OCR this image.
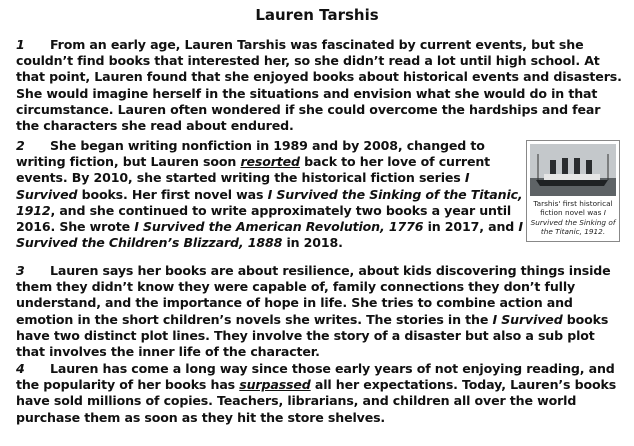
Lauren Tarshis
1 From an early age, Lauren Tarshis was fascinated by current events, but she couldn’t find books that interested her, so she didn’t read a lot until high school. At that point, Lauren found that she enjoyed books about historical events and disasters. She would imagine herself in the situations and envision what she would do in that circumstance. Lauren often wondered if she could overcome the hardships and fear the characters she read about endured.
2 She began writing nonfiction in 1989 and by 2008, changed to writing fiction, but Lauren soon resorted back to her love of current events. By 2010, she started writing the historical fiction series I Survived books. Her first novel was I Survived the Sinking of the Titanic, 1912, and she continued to write approximately two books a year until 2016. She wrote I Survived the American Revolution, 1776 in 2017, and I Survived the Children’s Blizzard, 1888 in 2018.
Tarshis' first historical fiction novel was I Survived the Sinking of the Titanic, 1912.
3 Lauren says her books are about resilience, about kids discovering things inside them they didn’t know they were capable of, family connections they don’t fully understand, and the importance of hope in life. She tries to combine action and emotion in the short children’s novels she writes. The stories in the I Survived books have two distinct plot lines. They involve the story of a disaster but also a sub plot that involves the inner life of the character.
4 Lauren has come a long way since those early years of not enjoying reading, and the popularity of her books has surpassed all her expectations. Today, Lauren’s books have sold millions of copies. Teachers, librarians, and children all over the world purchase them as soon as they hit the store shelves.
